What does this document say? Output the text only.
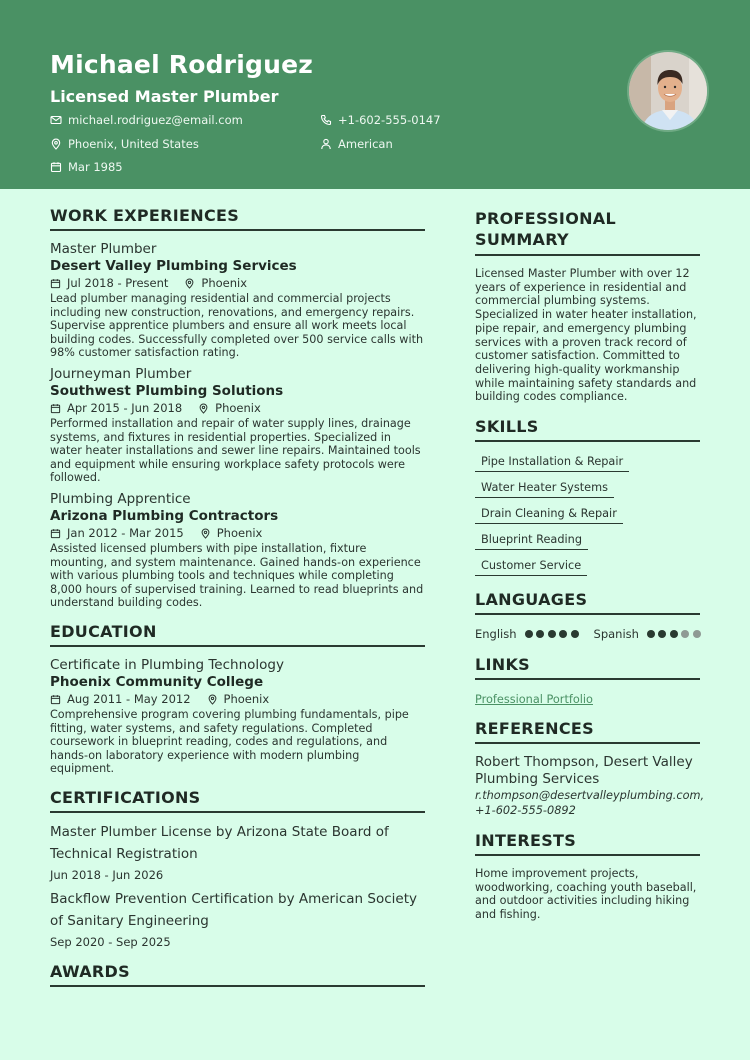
Michael Rodriguez
Licensed Master Plumber
michael.rodriguez@email.com	+1-602-555-0147
Phoenix, United States	American
Mar 1985
WORK EXPERIENCES
Master Plumber
Desert Valley Plumbing Services
Jul 2018 - Present	Phoenix
Lead plumber managing residential and commercial projects including new construction, renovations, and emergency repairs. Supervise apprentice plumbers and ensure all work meets local building codes. Successfully completed over 500 service calls with 98% customer satisfaction rating.
Journeyman Plumber
Southwest Plumbing Solutions
Apr 2015 - Jun 2018	Phoenix
Performed installation and repair of water supply lines, drainage systems, and fixtures in residential properties. Specialized in water heater installations and sewer line repairs. Maintained tools and equipment while ensuring workplace safety protocols were followed.
Plumbing Apprentice
Arizona Plumbing Contractors
Jan 2012 - Mar 2015	Phoenix
Assisted licensed plumbers with pipe installation, fixture mounting, and system maintenance. Gained hands-on experience with various plumbing tools and techniques while completing 8,000 hours of supervised training. Learned to read blueprints and understand building codes.
EDUCATION
Certificate in Plumbing Technology
Phoenix Community College
Aug 2011 - May 2012	Phoenix
Comprehensive program covering plumbing fundamentals, pipe fitting, water systems, and safety regulations. Completed coursework in blueprint reading, codes and regulations, and hands-on laboratory experience with modern plumbing equipment.
CERTIFICATIONS
Master Plumber License by Arizona State Board of Technical Registration
Jun 2018 - Jun 2026
Backflow Prevention Certification by American Society of Sanitary Engineering
Sep 2020 - Sep 2025
AWARDS
PROFESSIONAL SUMMARY
Licensed Master Plumber with over 12 years of experience in residential and commercial plumbing systems. Specialized in water heater installation, pipe repair, and emergency plumbing services with a proven track record of customer satisfaction. Committed to delivering high-quality workmanship while maintaining safety standards and building codes compliance.
SKILLS
Pipe Installation & Repair
Water Heater Systems
Drain Cleaning & Repair
Blueprint Reading
Customer Service
LANGUAGES
English	Spanish
LINKS
Professional Portfolio
REFERENCES
Robert Thompson, Desert Valley Plumbing Services
r.thompson@desertvalleyplumbing.com,
+1-602-555-0892
INTERESTS
Home improvement projects, woodworking, coaching youth baseball, and outdoor activities including hiking and fishing.
